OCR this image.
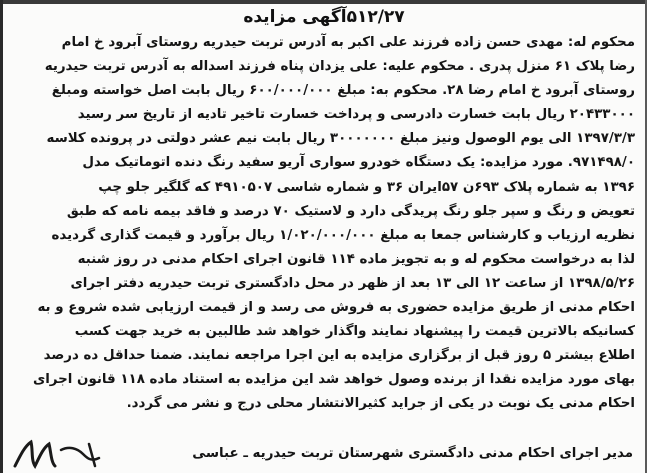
۵۱۲/۲۷آگهی مزایده

محکوم له: مهدی حسن زاده فرزند علی اکبر به آدرس تربت حیدریه روستای آبرود خ امام

رضا پلاک ۶۱ منزل پدری . محکوم علیه: علی یزدان پناه فرزند اسداله به آدرس تربت حیدریه

روستای آبرود خ امام رضا ۲۸. محکوم به: مبلغ ۶۰۰/۰۰۰/۰۰۰ ریال بابت اصل خواسته ومبلغ

۲۰۴۳۳۰۰۰ ریال بابت خسارت دادرسی و پرداخت خسارت تاخیر تادیه از تاریخ سر رسید

۱۳۹۷/۳/۳ الی یوم الوصول ونیز مبلغ ۳۰۰۰۰۰۰۰ ریال بابت نیم عشر دولتی در پرونده کلاسه

۹۷۱۴۹۸/۰. مورد مزایده: یک دستگاه خودرو سواری آریو سفید رنگ دنده اتوماتیک مدل

۱۳۹۶ به شماره پلاک ۶۹۳ن ۵۷ایران ۳۶ و شماره شاسی ۴۹۱۰۵۰۷ که گلگیر جلو چپ

تعویض و رنگ و سپر جلو رنگ پریدگی دارد و لاستیک ۷۰ درصد و فاقد بیمه نامه که طبق

نظریه ارزیاب و کارشناس جمعا به مبلغ ۱/۰۲۰/۰۰۰/۰۰۰ ریال برآورد و قیمت گذاری گردیده

لذا به درخواست محکوم له و به تجویز ماده ۱۱۴ قانون اجرای احکام مدنی در روز شنبه

۱۳۹۸/۵/۲۶ از ساعت ۱۲ الی ۱۳ بعد از ظهر در محل دادگستری تربت حیدریه دفتر اجرای

احکام مدنی از طریق مزایده حضوری به فروش می رسد و از قیمت ارزیابی شده شروع و به

کسانیکه بالاترین قیمت را پیشنهاد نمایند واگذار خواهد شد طالبین به خرید جهت کسب

اطلاع بیشتر ۵ روز قبل از برگزاری مزایده به این اجرا مراجعه نمایند. ضمنا حداقل ده درصد

بهای مورد مزایده نقدا از برنده وصول خواهد شد این مزایده به استناد ماده ۱۱۸ قانون اجرای

احکام مدنی یک نوبت در یکی از جراید کثیرالانتشار محلی درج و نشر می گردد.

مدیر اجرای احکام مدنی دادگستری شهرستان تربت حیدریه ـ عباسی
